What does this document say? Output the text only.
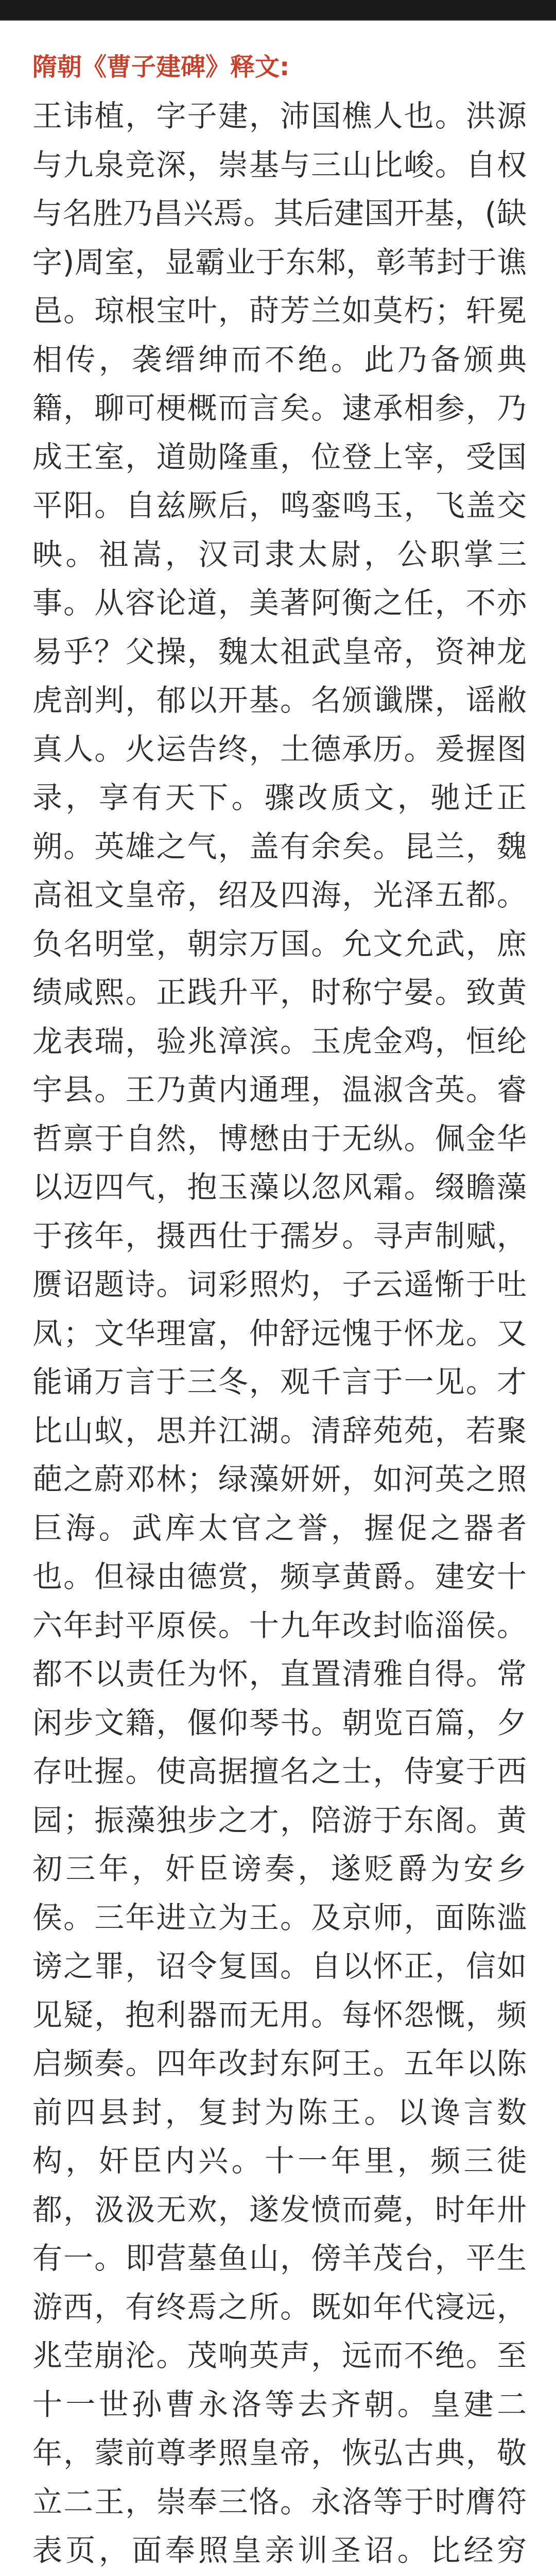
隋朝《曹子建碑》释文:

王讳植，字子建，沛国樵人也。洪源与九泉竞深，崇基与三山比峻。自权与名胜乃昌兴焉。其后建国开基，(缺字)周室，显霸业于东邾，彰苇封于谯邑。琼根宝叶，莳芳兰如莫朽；轩冕相传，袭缙绅而不绝。此乃备颁典籍，聊可梗概而言矣。逮承相参，乃成王室，道勋隆重，位登上宰，受国平阳。自兹厥后，鸣銮鸣玉，飞盖交映。祖嵩，汉司隶太尉，公职掌三事。从容论道，美著阿衡之任，不亦易乎？父操，魏太祖武皇帝，资神龙虎剖判，郁以开基。名颁谶牒，谣敝真人。火运告终，土德承历。爰握图录，享有天下。骤改质文，驰迁正朔。英雄之气，盖有余矣。昆兰，魏高祖文皇帝，绍及四海，光泽五都。负名明堂，朝宗万国。允文允武，庶绩咸熙。正践升平，时称宁晏。致黄龙表瑞，验兆漳滨。玉虎金鸡，恒纶宇县。王乃黄内通理，温淑含英。睿哲禀于自然，博懋由于无纵。佩金华以迈四气，抱玉藻以忽风霜。缀瞻藻于孩年，摄西仕于孺岁。寻声制赋，赝诏题诗。词彩照灼，子云遥惭于吐凤；文华理富，仲舒远愧于怀龙。又能诵万言于三冬，观千言于一见。才比山蚁，思并江湖。清辞苑苑，若聚葩之蔚邓林；绿藻妍妍，如河英之照巨海。武库太官之誉，握促之器者也。但禄由德赏，频享黄爵。建安十六年封平原侯。十九年改封临淄侯。都不以责任为怀，直置清雅自得。常闲步文籍，偃仰琴书。朝览百篇，夕存吐握。使高据擅名之士，侍宴于西园；振藻独步之才，陪游于东阁。黄初三年，奸臣谤奏，遂贬爵为安乡侯。三年进立为王。及京师，面陈滥谤之罪，诏令复国。自以怀正，信如见疑，抱利器而无用。每怀怨慨，频启频奏。四年改封东阿王。五年以陈前四县封，复封为陈王。以谗言数构，奸臣内兴。十一年里，频三徙都，汲汲无欢，遂发愤而薨，时年卅有一。即营墓鱼山，傍羊茂台，平生游西，有终焉之所。既如年代寖远，兆茔崩沦。茂响英声，远而不绝。至十一世孙曹永洛等去齐朝。皇建二年，蒙前尊孝照皇帝，恢弘古典，敬立二王，崇奉三恪。永洛等于时膺符表页，面奉照皇亲训圣诏。比经穷
